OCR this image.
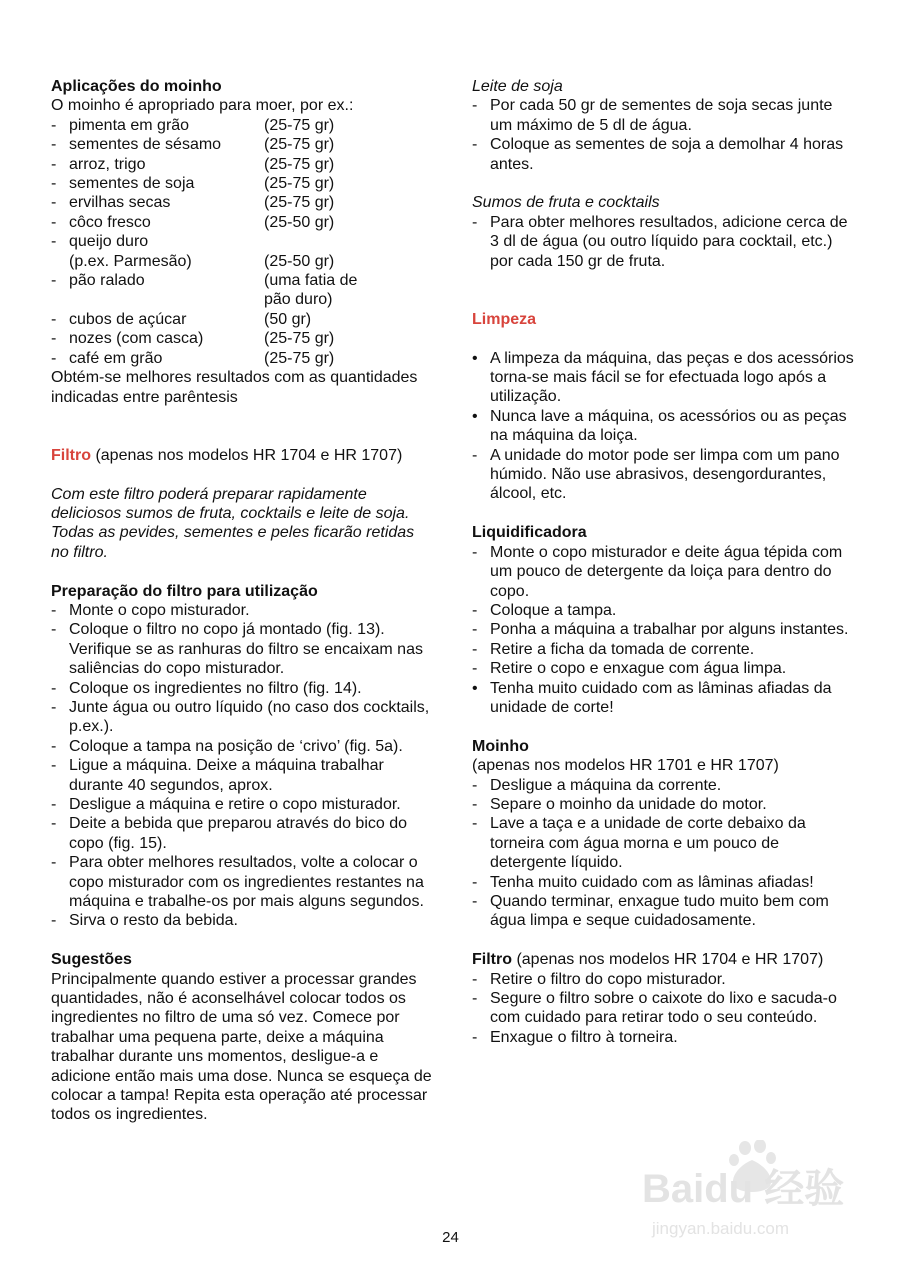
Aplicações do moinho
O moinho é apropriado para moer, por ex.:
- pimenta em grão	(25-75 gr)
- sementes de sésamo	(25-75 gr)
- arroz, trigo	(25-75 gr)
- sementes de soja	(25-75 gr)
- ervilhas secas	(25-75 gr)
- côco fresco	(25-50 gr)
- queijo duro
(p.ex. Parmesão)	(25-50 gr)
- pão ralado	(uma fatia de
pão duro)
- cubos de açúcar	(50 gr)
- nozes (com casca)	(25-75 gr)
- café em grão	(25-75 gr)
Obtém-se melhores resultados com as quantidades indicadas entre parêntesis
Filtro (apenas nos modelos HR 1704 e HR 1707)
Com este filtro poderá preparar rapidamente deliciosos sumos de fruta, cocktails e leite de soja. Todas as pevides, sementes e peles ficarão retidas no filtro.
Preparação do filtro para utilização
- Monte o copo misturador.
- Coloque o filtro no copo já montado (fig. 13). Verifique se as ranhuras do filtro se encaixam nas saliências do copo misturador.
- Coloque os ingredientes no filtro (fig. 14).
- Junte água ou outro líquido (no caso dos cocktails, p.ex.).
- Coloque a tampa na posição de ‘crivo’ (fig. 5a).
- Ligue a máquina. Deixe a máquina trabalhar durante 40 segundos, aprox.
- Desligue a máquina e retire o copo misturador.
- Deite a bebida que preparou através do bico do copo (fig. 15).
- Para obter melhores resultados, volte a colocar o copo misturador com os ingredientes restantes na máquina e trabalhe-os por mais alguns segundos.
- Sirva o resto da bebida.
Sugestões
Principalmente quando estiver a processar grandes quantidades, não é aconselhável colocar todos os ingredientes no filtro de uma só vez. Comece por trabalhar uma pequena parte, deixe a máquina trabalhar durante uns momentos, desligue-a e adicione então mais uma dose. Nunca se esqueça de colocar a tampa! Repita esta operação até processar todos os ingredientes.
Leite de soja
- Por cada 50 gr de sementes de soja secas junte um máximo de 5 dl de água.
- Coloque as sementes de soja a demolhar 4 horas antes.
Sumos de fruta e cocktails
- Para obter melhores resultados, adicione cerca de 3 dl de água (ou outro líquido para cocktail, etc.) por cada 150 gr de fruta.
Limpeza
• A limpeza da máquina, das peças e dos acessórios torna-se mais fácil se for efectuada logo após a utilização.
• Nunca lave a máquina, os acessórios ou as peças na máquina da loiça.
- A unidade do motor pode ser limpa com um pano húmido. Não use abrasivos, desengordurantes, álcool, etc.
Liquidificadora
- Monte o copo misturador e deite água tépida com um pouco de detergente da loiça para dentro do copo.
- Coloque a tampa.
- Ponha a máquina a trabalhar por alguns instantes.
- Retire a ficha da tomada de corrente.
- Retire o copo e enxague com água limpa.
• Tenha muito cuidado com as lâminas afiadas da unidade de corte!
Moinho
(apenas nos modelos HR 1701 e HR 1707)
- Desligue a máquina da corrente.
- Separe o moinho da unidade do motor.
- Lave a taça e a unidade de corte debaixo da torneira com água morna e um pouco de detergente líquido.
- Tenha muito cuidado com as lâminas afiadas!
- Quando terminar, enxague tudo muito bem com água limpa e seque cuidadosamente.
Filtro (apenas nos modelos HR 1704 e HR 1707)
- Retire o filtro do copo misturador.
- Segure o filtro sobre o caixote do lixo e sacuda-o com cuidado para retirar todo o seu conteúdo.
- Enxague o filtro à torneira.
Baidu 经验
jingyan.baidu.com
24
